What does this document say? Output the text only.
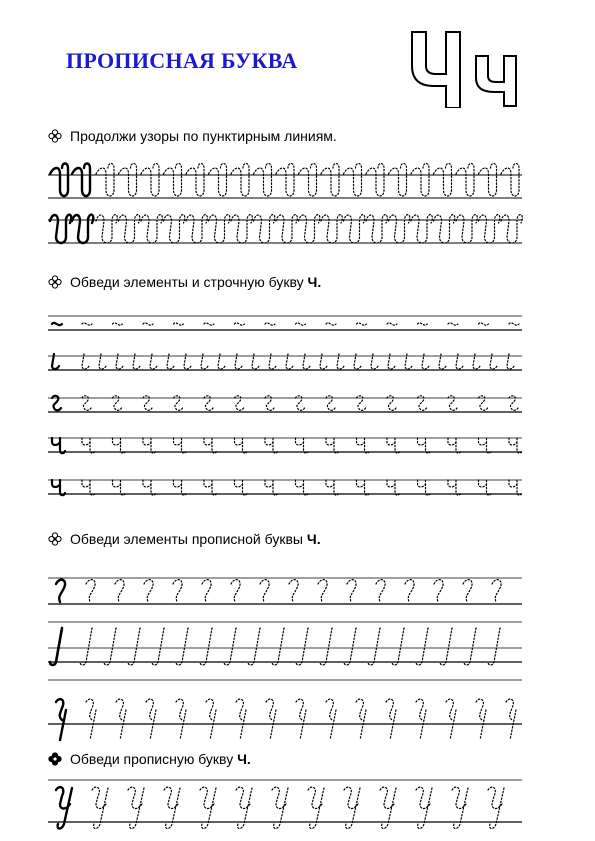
ПРОПИСНАЯ БУКВА
Продолжи узоры по пунктирным линиям.
Обведи элементы и строчную букву Ч.
Обведи элементы прописной буквы Ч.
Обведи прописную букву Ч.
